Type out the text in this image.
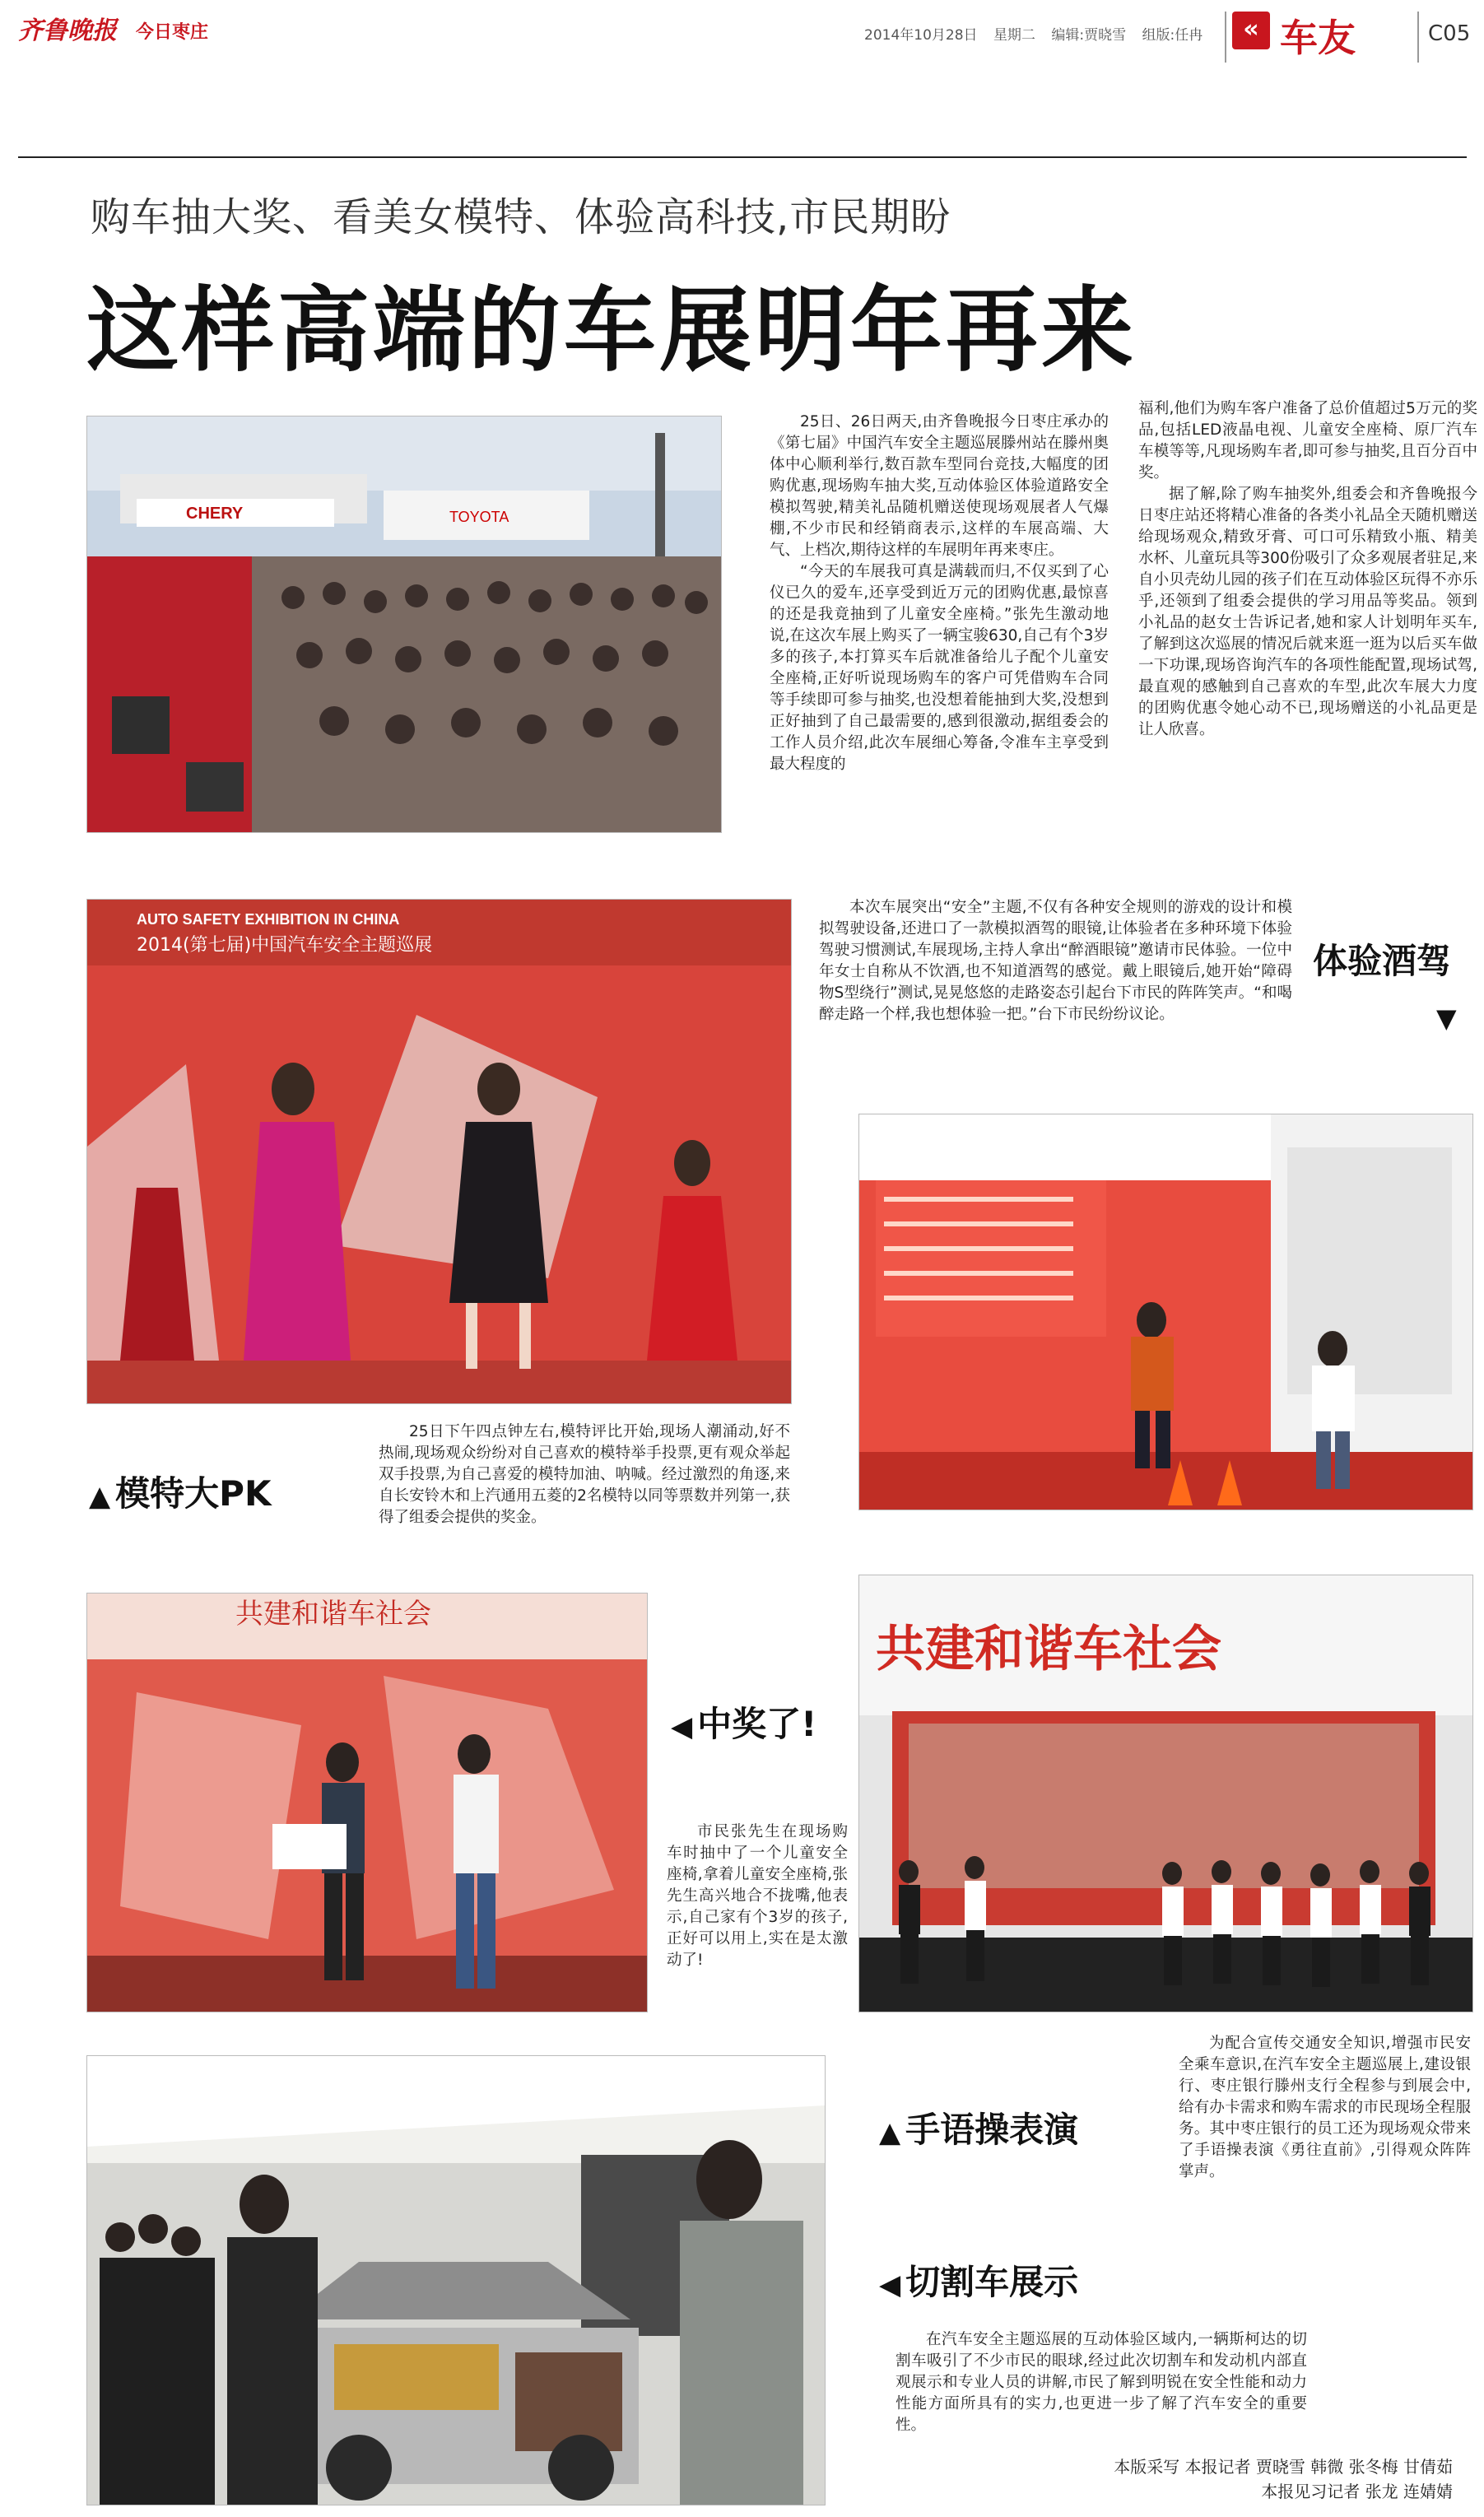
齐鲁晚报 今日枣庄	2014年10月28日 星期二 编辑:贾晓雪 组版:任冉	« 车友	C05
购车抽大奖、看美女模特、体验高科技,市民期盼
这样高端的车展明年再来
CHERY	TOYOTA

25日、26日两天,由齐鲁晚报今日枣庄承办的《第七届》中国汽车安全主题巡展滕州站在滕州奥体中心顺利举行,数百款车型同台竞技,大幅度的团购优惠,现场购车抽大奖,互动体验区体验道路安全模拟驾驶,精美礼品随机赠送使现场观展者人气爆棚,不少市民和经销商表示,这样的车展高端、大气、上档次,期待这样的车展明年再来枣庄。

“今天的车展我可真是满载而归,不仅买到了心仪已久的爱车,还享受到近万元的团购优惠,最惊喜的还是我竟抽到了儿童安全座椅。”张先生激动地说,在这次车展上购买了一辆宝骏630,自己有个3岁多的孩子,本打算买车后就准备给儿子配个儿童安全座椅,正好听说现场购车的客户可凭借购车合同等手续即可参与抽奖,也没想着能抽到大奖,没想到正好抽到了自己最需要的,感到很激动,据组委会的工作人员介绍,此次车展细心筹备,令准车主享受到最大程度的

福利,他们为购车客户准备了总价值超过5万元的奖品,包括LED液晶电视、儿童安全座椅、原厂汽车车模等等,凡现场购车者,即可参与抽奖,且百分百中奖。

据了解,除了购车抽奖外,组委会和齐鲁晚报今日枣庄站还将精心准备的各类小礼品全天随机赠送给现场观众,精致牙膏、可口可乐精致小瓶、精美水杯、儿童玩具等300份吸引了众多观展者驻足,来自小贝壳幼儿园的孩子们在互动体验区玩得不亦乐乎,还领到了组委会提供的学习用品等奖品。领到小礼品的赵女士告诉记者,她和家人计划明年买车,了解到这次巡展的情况后就来逛一逛为以后买车做一下功课,现场咨询汽车的各项性能配置,现场试驾,最直观的感触到自己喜欢的车型,此次车展大力度的团购优惠令她心动不已,现场赠送的小礼品更是让人欣喜。

AUTO SAFETY EXHIBITION IN CHINA
2014(第七届)中国汽车安全主题巡展

本次车展突出“安全”主题,不仅有各种安全规则的游戏的设计和模拟驾驶设备,还进口了一款模拟酒驾的眼镜,让体验者在多种环境下体验驾驶习惯测试,车展现场,主持人拿出“醉酒眼镜”邀请市民体验。一位中年女士自称从不饮酒,也不知道酒驾的感觉。戴上眼镜后,她开始“障碍物S型绕行”测试,晃晃悠悠的走路姿态引起台下市民的阵阵笑声。“和喝醉走路一个样,我也想体验一把。”台下市民纷纷议论。

体验酒驾
▼
▲ 模特大PK

25日下午四点钟左右,模特评比开始,现场人潮涌动,好不热闹,现场观众纷纷对自己喜欢的模特举手投票,更有观众举起双手投票,为自己喜爱的模特加油、呐喊。经过激烈的角逐,来自长安铃木和上汽通用五菱的2名模特以同等票数并列第一,获得了组委会提供的奖金。

共建和谐车社会
◀ 中奖了!

市民张先生在现场购车时抽中了一个儿童安全座椅,拿着儿童安全座椅,张先生高兴地合不拢嘴,他表示,自己家有个3岁的孩子,正好可以用上,实在是太激动了!

共建和谐车社会

为配合宣传交通安全知识,增强市民安全乘车意识,在汽车安全主题巡展上,建设银行、枣庄银行滕州支行全程参与到展会中,给有办卡需求和购车需求的市民现场全程服务。其中枣庄银行的员工还为现场观众带来了手语操表演《勇往直前》,引得观众阵阵掌声。

▲ 手语操表演
◀ 切割车展示

在汽车安全主题巡展的互动体验区域内,一辆斯柯达的切割车吸引了不少市民的眼球,经过此次切割车和发动机内部直观展示和专业人员的讲解,市民了解到明锐在安全性能和动力性能方面所具有的实力,也更进一步了解了汽车安全的重要性。

本版采写 本报记者 贾晓雪 韩微 张冬梅 甘倩茹
本报见习记者 张龙 连婧婧
